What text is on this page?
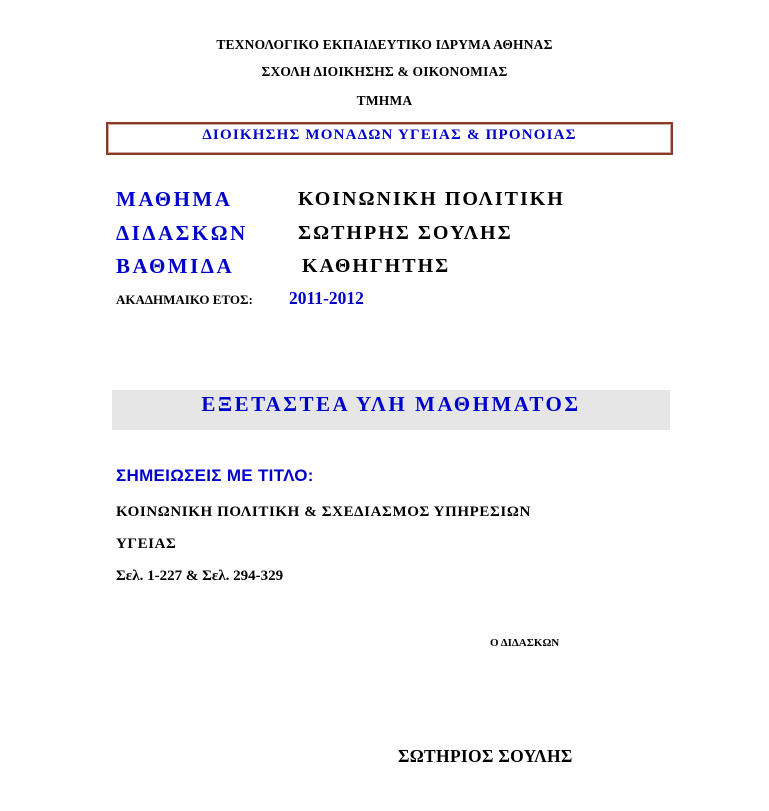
ΤΕΧΝΟΛΟΓΙΚΟ ΕΚΠΑΙΔΕΥΤΙΚΟ ΙΔΡΥΜΑ ΑΘΗΝΑΣ
ΣΧΟΛΗ ΔΙΟΙΚΗΣΗΣ & ΟΙΚΟΝΟΜΙΑΣ
ΤΜΗΜΑ
ΔΙΟΙΚΗΣΗΣ ΜΟΝΑΔΩΝ ΥΓΕΙΑΣ & ΠΡΟΝΟΙΑΣ
ΜΑΘΗΜΑ	ΚΟΙΝΩΝΙΚΗ ΠΟΛΙΤΙΚΗ
ΔΙΔΑΣΚΩΝ	ΣΩΤΗΡΗΣ ΣΟΥΛΗΣ
ΒΑΘΜΙΔΑ	ΚΑΘΗΓΗΤΗΣ
ΑΚΑΔΗΜΑΙΚΟ ΕΤΟΣ: 2011-2012
ΕΞΕΤΑΣΤΕΑ ΥΛΗ ΜΑΘΗΜΑΤΟΣ
ΣΗΜΕΙΩΣΕΙΣ ΜΕ ΤΙΤΛΟ:
ΚΟΙΝΩΝΙΚΗ ΠΟΛΙΤΙΚΗ & ΣΧΕΔΙΑΣΜΟΣ ΥΠΗΡΕΣΙΩΝ
ΥΓΕΙΑΣ
Σελ. 1-227 & Σελ. 294-329
Ο ΔΙΔΑΣΚΩΝ
ΣΩΤΗΡΙΟΣ ΣΟΥΛΗΣ
